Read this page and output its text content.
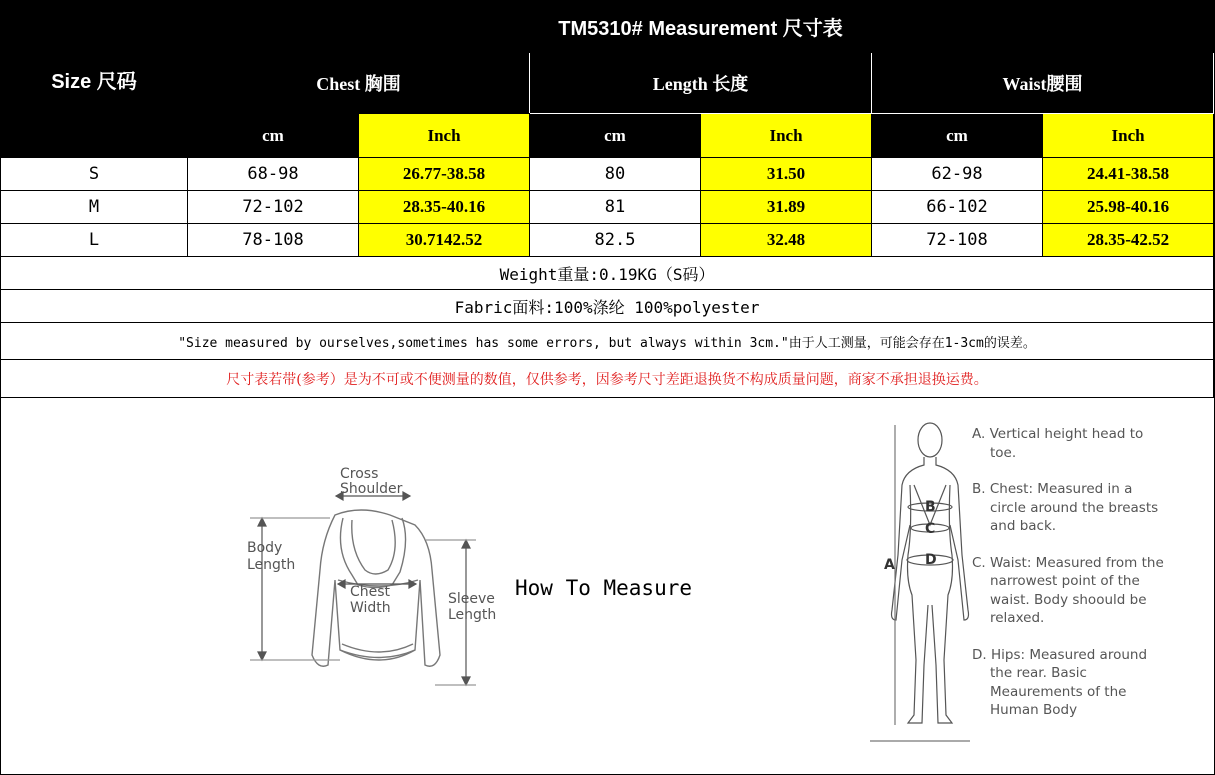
Size 尺码	TM5310# Measurement 尺寸表					
	Chest 胸围		Length 长度		Waist腰围	
	cm	Inch	cm	Inch	cm	Inch
S	68-98	26.77-38.58	80	31.50	62-98	24.41-38.58
M	72-102	28.35-40.16	81	31.89	66-102	25.98-40.16
L	78-108	30.7142.52	82.5	32.48	72-108	28.35-42.52
Weight重量:0.19KG（S码）						
Fabric面料:100%涤纶 100%polyester						
"Size measured by ourselves,sometimes has some errors, but always within 3cm."由于人工测量，可能会存在1-3cm的误差。						
尺寸表若带(参考）是为不可或不便测量的数值，仅供参考，因参考尺寸差距退换货不构成质量问题，商家不承担退换运费。						
Cross
Shoulder
Body
Length
Chest
Width
Sleeve
Length
How To Measure
A
B
C
D

A. Vertical height head to toe.

B. Chest: Measured in a circle around the breasts and back.

C. Waist: Measured from the narrowest point of the waist. Body shoould be relaxed.

D. Hips: Measured around the rear. Basic Meaurements of the Human Body
